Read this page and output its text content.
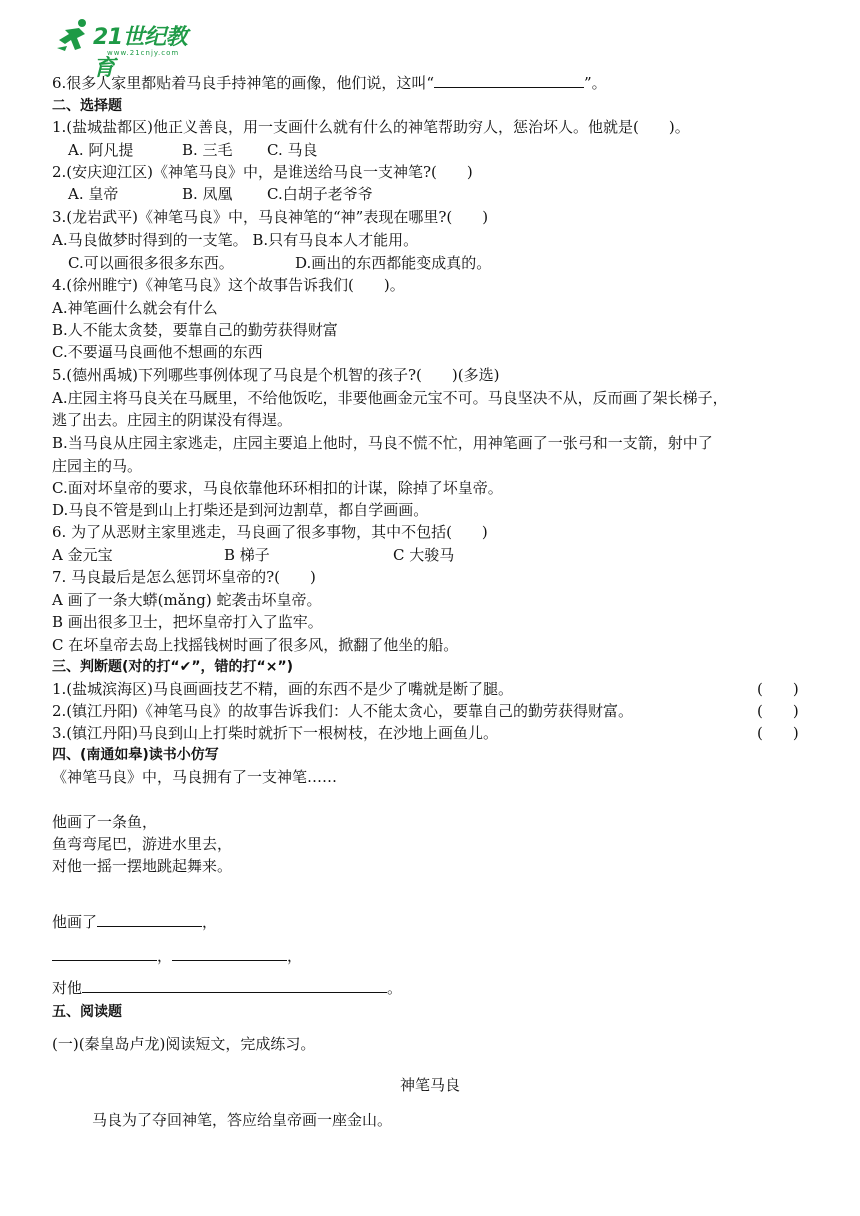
21世纪教育
www.21cnjy.com
6.很多人家里都贴着马良手持神笔的画像，他们说，这叫“	”。
二、选择题
1.(盐城盐都区)他正义善良，用一支画什么就有什么的神笔帮助穷人，惩治坏人。他就是(　　)。
A. 阿凡提	B. 三毛 C. 马良
2.(安庆迎江区)《神笔马良》中，是谁送给马良一支神笔?(　　)
A. 皇帝	B. 凤凰 C.白胡子老爷爷
3.(龙岩武平)《神笔马良》中，马良神笔的“神”表现在哪里?(　　)
A.马良做梦时得到的一支笔。 B.只有马良本人才能用。
C.可以画很多很多东西。	D.画出的东西都能变成真的。
4.(徐州睢宁)《神笔马良》这个故事告诉我们(　　)。
A.神笔画什么就会有什么
B.人不能太贪婪，要靠自己的勤劳获得财富
C.不要逼马良画他不想画的东西
5.(德州禹城)下列哪些事例体现了马良是个机智的孩子?(　　)(多选)
A.庄园主将马良关在马厩里，不给他饭吃，非要他画金元宝不可。马良坚决不从，反而画了架长梯子，
逃了出去。庄园主的阴谋没有得逞。
B.当马良从庄园主家逃走，庄园主要追上他时，马良不慌不忙，用神笔画了一张弓和一支箭，射中了
庄园主的马。
C.面对坏皇帝的要求，马良依靠他环环相扣的计谋，除掉了坏皇帝。
D.马良不管是到山上打柴还是到河边割草，都自学画画。
6. 为了从恶财主家里逃走，马良画了很多事物，其中不包括(　　)
A 金元宝	B 梯子	C 大骏马
7. 马良最后是怎么惩罚坏皇帝的?(　　)
A 画了一条大蟒(mǎng) 蛇袭击坏皇帝。
B 画出很多卫士，把坏皇帝打入了监牢。
C 在坏皇帝去岛上找摇钱树时画了很多风，掀翻了他坐的船。
三、判断题(对的打“✔”，错的打“×”)
1.(盐城滨海区)马良画画技艺不精，画的东西不是少了嘴就是断了腿。	(　　)
2.(镇江丹阳)《神笔马良》的故事告诉我们：人不能太贪心，要靠自己的勤劳获得财富。	(　　)
3.(镇江丹阳)马良到山上打柴时就折下一根树枝，在沙地上画鱼儿。	(　　)
四、(南通如皋)读书小仿写
《神笔马良》中，马良拥有了一支神笔……
他画了一条鱼，
鱼弯弯尾巴，游进水里去，
对他一摇一摆地跳起舞来。
他画了	，
，	，
对他	。
五、阅读题
(一)(秦皇岛卢龙)阅读短文，完成练习。
神笔马良
马良为了夺回神笔，答应给皇帝画一座金山。
